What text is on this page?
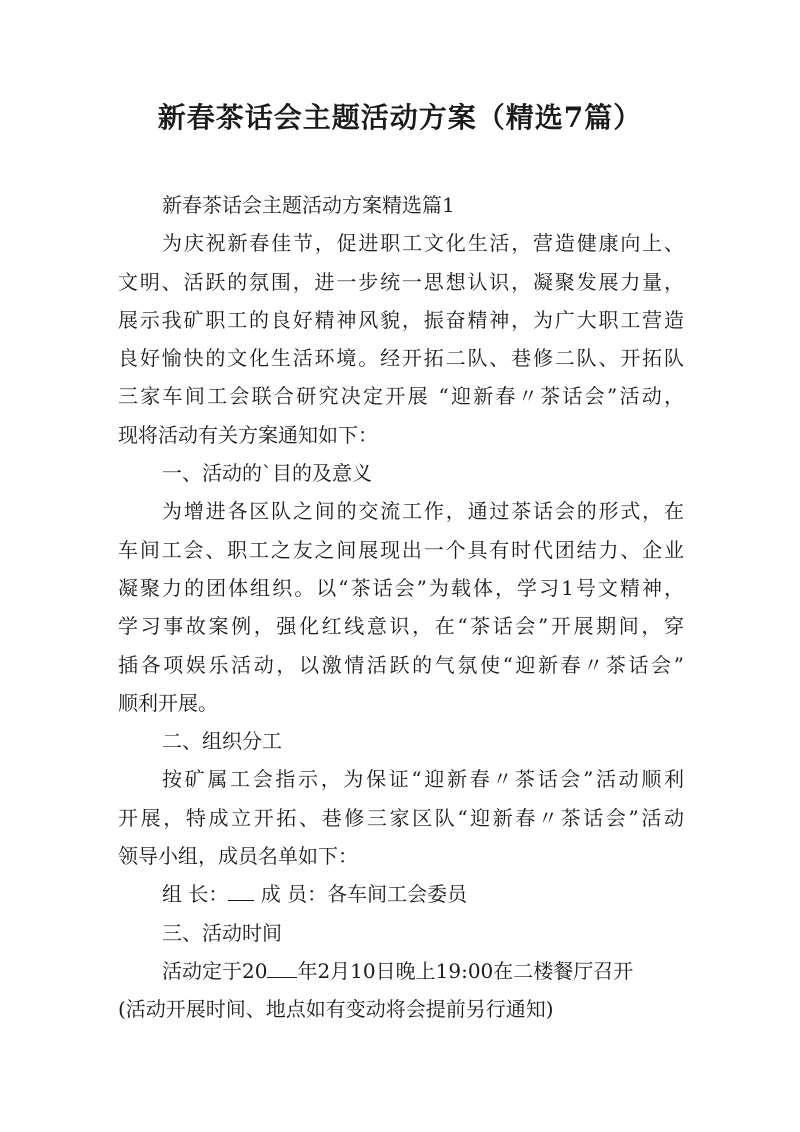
新春茶话会主题活动方案（精选7篇）
新春茶话会主题活动方案精选篇1
为庆祝新春佳节，促进职工文化生活，营造健康向上、
文明、活跃的氛围，进一步统一思想认识，凝聚发展力量，
展示我矿职工的良好精神风貌，振奋精神，为广大职工营造
良好愉快的文化生活环境。经开拓二队、巷修二队、开拓队
三家车间工会联合研究决定开展 “迎新春〃茶话会”活动，
现将活动有关方案通知如下：
一、活动的`目的及意义
为增进各区队之间的交流工作，通过茶话会的形式，在
车间工会、职工之友之间展现出一个具有时代团结力、企业
凝聚力的团体组织。以“茶话会”为载体，学习1号文精神，
学习事故案例，强化红线意识，在“茶话会”开展期间，穿
插各项娱乐活动，以激情活跃的气氛使“迎新春〃茶话会”
顺利开展。
二、组织分工
按矿属工会指示，为保证“迎新春〃茶话会”活动顺利
开展，特成立开拓、巷修三家区队“迎新春〃茶话会”活动
领导小组，成员名单如下：
组 长： 成 员：各车间工会委员
三、活动时间
活动定于20 年2月10日晚上19:00在二楼餐厅召开
(活动开展时间、地点如有变动将会提前另行通知)
